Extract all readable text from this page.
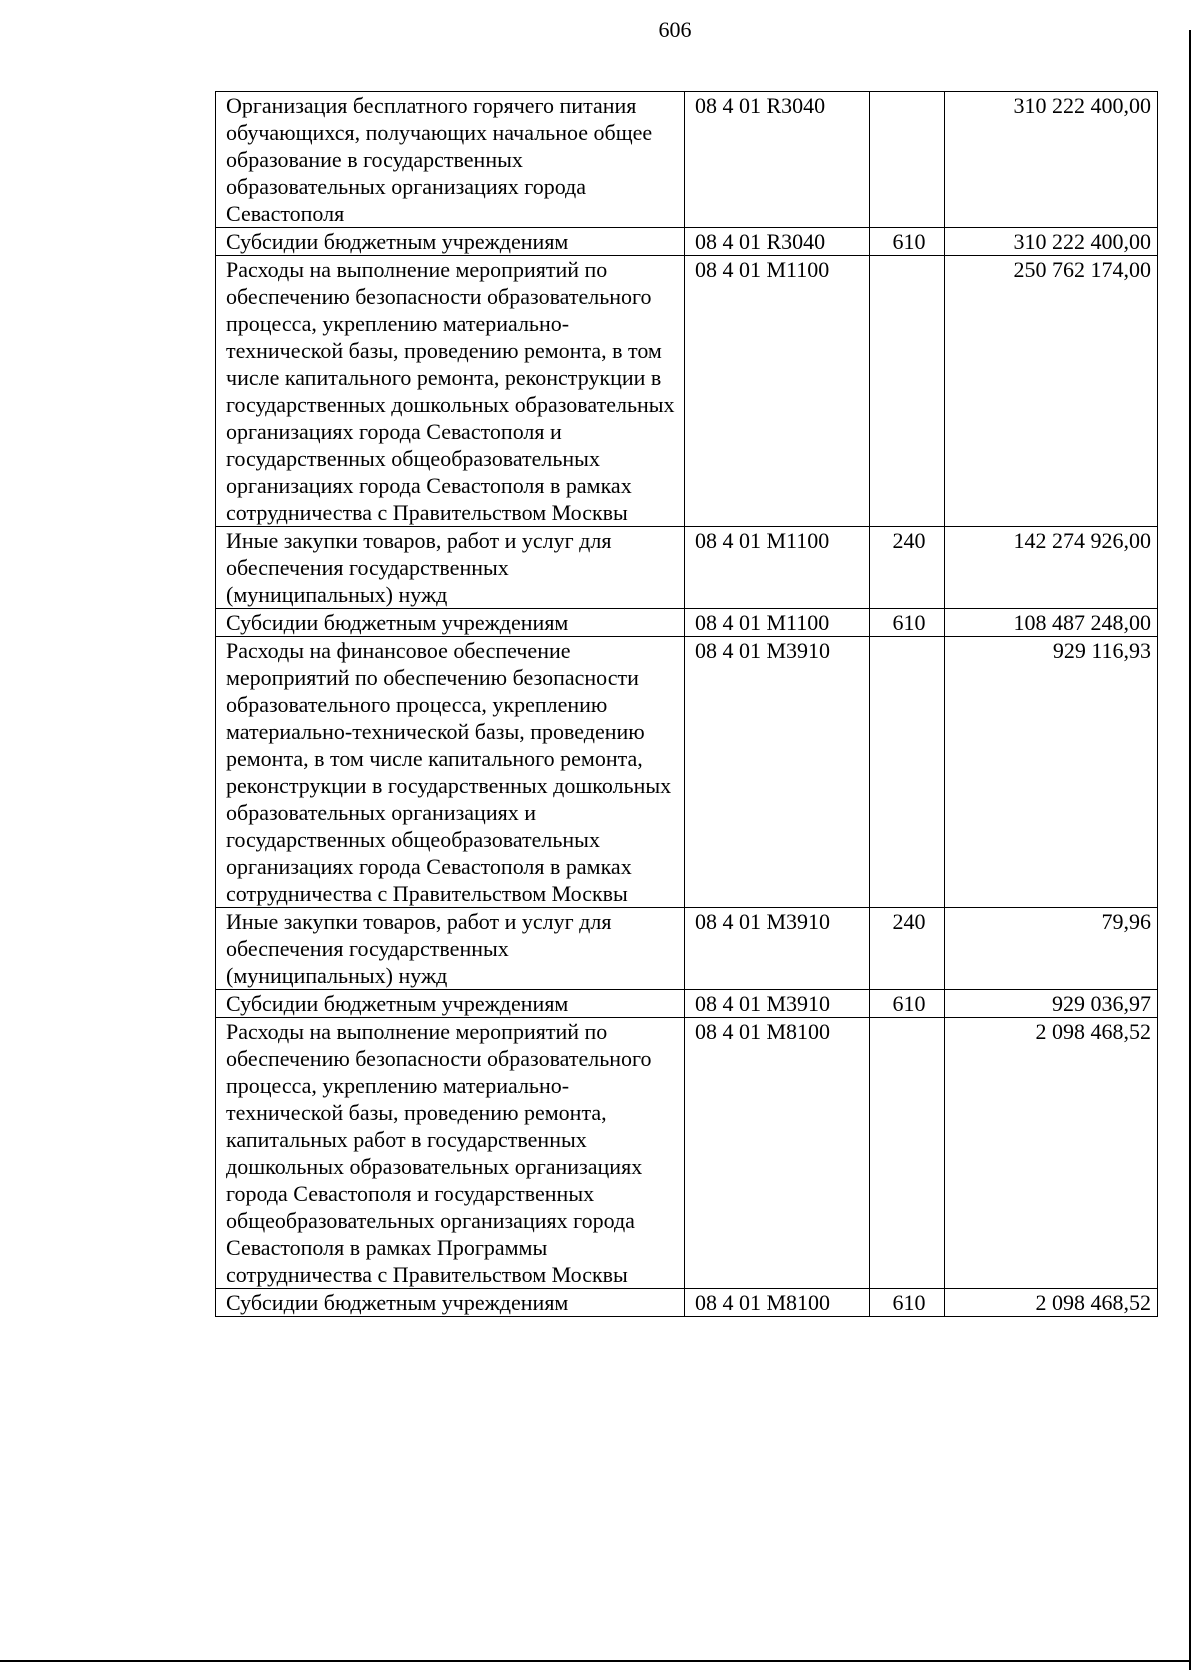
606
Организация бесплатного горячего питания обучающихся, получающих начальное общее образование в государственных образовательных организациях города Севастополя	08 4 01 R3040		310 222 400,00
Субсидии бюджетным учреждениям	08 4 01 R3040	610	310 222 400,00
Расходы на выполнение мероприятий по обеспечению безопасности образовательного процесса, укреплению материально-технической базы, проведению ремонта, в том числе капитального ремонта, реконструкции в государственных дошкольных образовательных организациях города Севастополя и государственных общеобразовательных организациях города Севастополя в рамках сотрудничества с Правительством Москвы	08 4 01 M1100		250 762 174,00
Иные закупки товаров, работ и услуг для обеспечения государственных (муниципальных) нужд	08 4 01 M1100	240	142 274 926,00
Субсидии бюджетным учреждениям	08 4 01 M1100	610	108 487 248,00
Расходы на финансовое обеспечение мероприятий по обеспечению безопасности образовательного процесса, укреплению материально-технической базы, проведению ремонта, в том числе капитального ремонта, реконструкции в государственных дошкольных образовательных организациях и государственных общеобразовательных организациях города Севастополя в рамках сотрудничества с Правительством Москвы	08 4 01 M3910		929 116,93
Иные закупки товаров, работ и услуг для обеспечения государственных (муниципальных) нужд	08 4 01 M3910	240	79,96
Субсидии бюджетным учреждениям	08 4 01 M3910	610	929 036,97
Расходы на выполнение мероприятий по обеспечению безопасности образовательного процесса, укреплению материально-технической базы, проведению ремонта, капитальных работ в государственных дошкольных образовательных организациях города Севастополя и государственных общеобразовательных организациях города Севастополя в рамках Программы сотрудничества с Правительством Москвы	08 4 01 M8100		2 098 468,52
Субсидии бюджетным учреждениям	08 4 01 M8100	610	2 098 468,52
